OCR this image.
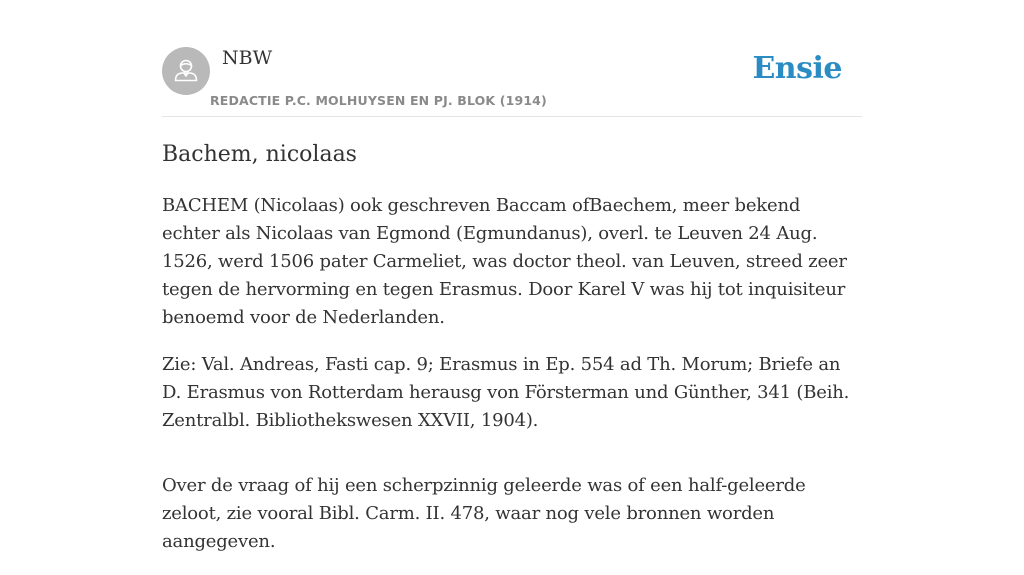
NBW
REDACTIE P.C. MOLHUYSEN EN PJ. BLOK (1914)
Ensie
Bachem, nicolaas

BACHEM (Nicolaas) ook geschreven Baccam ofBaechem, meer bekend echter als Nicolaas van Egmond (Egmundanus), overl. te Leuven 24 Aug. 1526, werd 1506 pater Carmeliet, was doctor theol. van Leuven, streed zeer tegen de hervorming en tegen Erasmus. Door Karel V was hij tot inquisiteur benoemd voor de Nederlanden.

Zie: Val. Andreas, Fasti cap. 9; Erasmus in Ep. 554 ad Th. Morum; Briefe an D. Erasmus von Rotterdam herausg von Försterman und Günther, 341 (Beih. Zentralbl. Bibliothekswesen XXVII, 1904).

Over de vraag of hij een scherpzinnig geleerde was of een half-geleerde zeloot, zie vooral Bibl. Carm. II. 478, waar nog vele bronnen worden aangegeven.
